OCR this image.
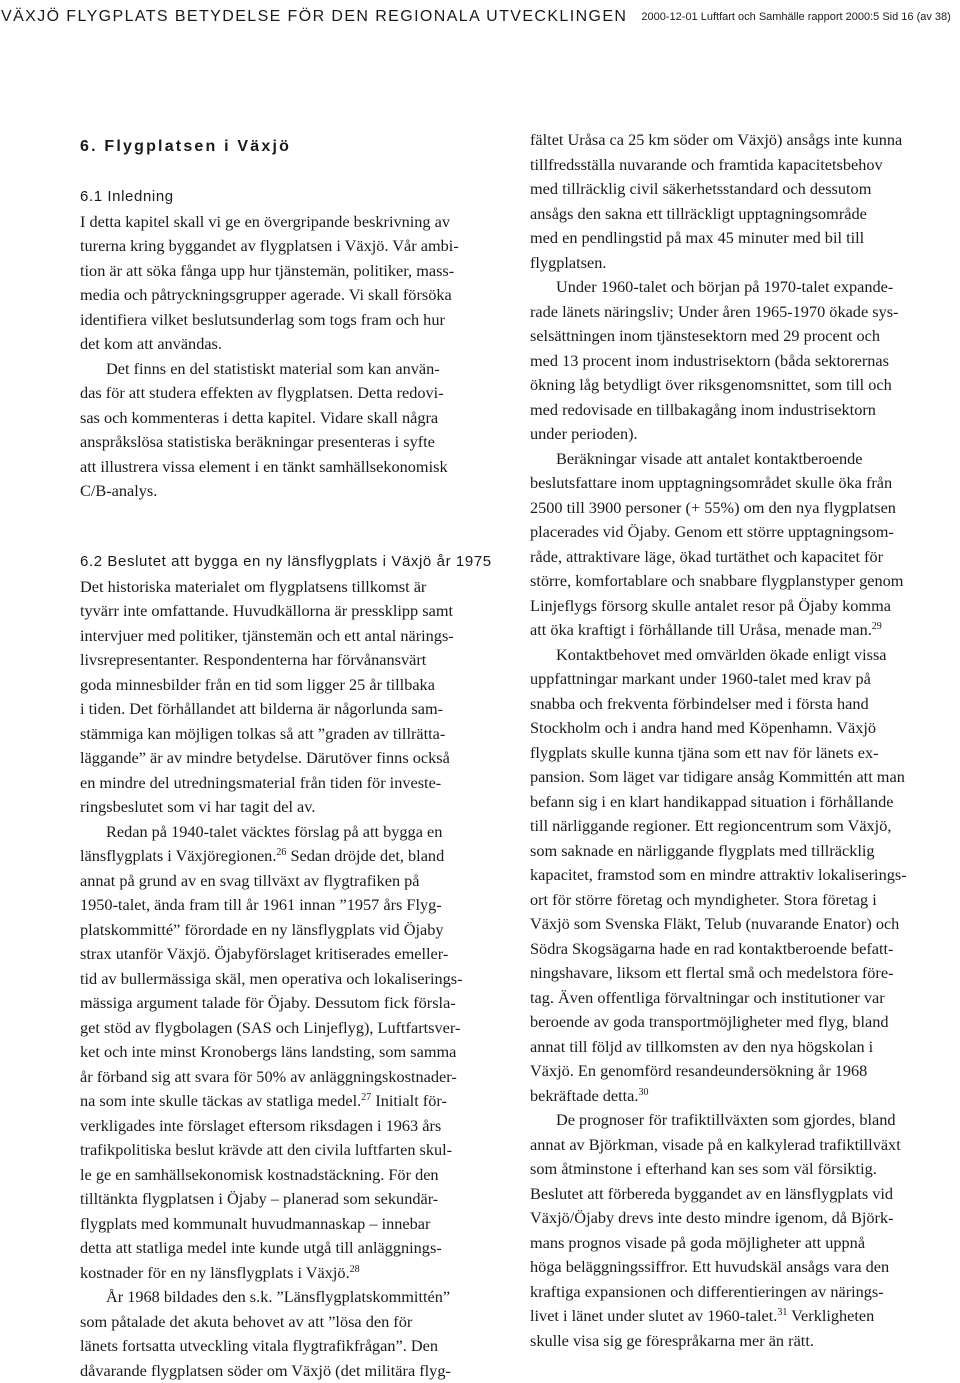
VÄXJÖ FLYGPLATS BETYDELSE FÖR DEN REGIONALA UTVECKLINGEN 2000-12-01 Luftfart och Samhälle rapport 2000:5 Sid 16 (av 38)
6. Flygplatsen i Växjö
6.1 Inledning

I detta kapitel skall vi ge en övergripande beskrivning av

turerna kring byggandet av flygplatsen i Växjö. Vår ambi-

tion är att söka fånga upp hur tjänstemän, politiker, mass-

media och påtryckningsgrupper agerade. Vi skall försöka

identifiera vilket beslutsunderlag som togs fram och hur

det kom att användas.

Det finns en del statistiskt material som kan använ-

das för att studera effekten av flygplatsen. Detta redovi-

sas och kommenteras i detta kapitel. Vidare skall några

anspråkslösa statistiska beräkningar presenteras i syfte

att illustrera vissa element i en tänkt samhällsekonomisk

C/B-analys.

6.2 Beslutet att bygga en ny länsflygplats i Växjö år 1975

Det historiska materialet om flygplatsens tillkomst är

tyvärr inte omfattande. Huvudkällorna är pressklipp samt

intervjuer med politiker, tjänstemän och ett antal närings-

livsrepresentanter. Respondenterna har förvånansvärt

goda minnesbilder från en tid som ligger 25 år tillbaka

i tiden. Det förhållandet att bilderna är någorlunda sam-

stämmiga kan möjligen tolkas så att ”graden av tillrätta-

läggande” är av mindre betydelse. Därutöver finns också

en mindre del utredningsmaterial från tiden för investe-

ringsbeslutet som vi har tagit del av.

Redan på 1940-talet väcktes förslag på att bygga en

länsflygplats i Växjöregionen.$^{26}$ Sedan dröjde det, bland

annat på grund av en svag tillväxt av flygtrafiken på

1950-talet, ända fram till år 1961 innan ”1957 års Flyg-

platskommitté” förordade en ny länsflygplats vid Öjaby

strax utanför Växjö. Öjabyförslaget kritiserades emeller-

tid av bullermässiga skäl, men operativa och lokaliserings-

mässiga argument talade för Öjaby. Dessutom fick försla-

get stöd av flygbolagen (SAS och Linjeflyg), Luftfartsver-

ket och inte minst Kronobergs läns landsting, som samma

år förband sig att svara för 50% av anläggningskostnader-

na som inte skulle täckas av statliga medel.$^{27}$ Initialt för-

verkligades inte förslaget eftersom riksdagen i 1963 års

trafikpolitiska beslut krävde att den civila luftfarten skul-

le ge en samhällsekonomisk kostnadstäckning. För den

tilltänkta flygplatsen i Öjaby – planerad som sekundär-

flygplats med kommunalt huvudmannaskap – innebar

detta att statliga medel inte kunde utgå till anläggnings-

kostnader för en ny länsflygplats i Växjö.$^{28}$

År 1968 bildades den s.k. ”Länsflygplatskommittén”

som påtalade det akuta behovet av att ”lösa den för

länets fortsatta utveckling vitala flygtrafikfrågan”. Den

dåvarande flygplatsen söder om Växjö (det militära flyg-

fältet Uråsa ca 25 km söder om Växjö) ansågs inte kunna

tillfredsställa nuvarande och framtida kapacitetsbehov

med tillräcklig civil säkerhetsstandard och dessutom

ansågs den sakna ett tillräckligt upptagningsområde

med en pendlingstid på max 45 minuter med bil till

flygplatsen.

Under 1960-talet och början på 1970-talet expande-

rade länets näringsliv; Under åren 1965-1970 ökade sys-

selsättningen inom tjänstesektorn med 29 procent och

med 13 procent inom industrisektorn (båda sektorernas

ökning låg betydligt över riksgenomsnittet, som till och

med redovisade en tillbakagång inom industrisektorn

under perioden).

Beräkningar visade att antalet kontaktberoende

beslutsfattare inom upptagningsområdet skulle öka från

2500 till 3900 personer (+ 55%) om den nya flygplatsen

placerades vid Öjaby. Genom ett större upptagningsom-

råde, attraktivare läge, ökad turtäthet och kapacitet för

större, komfortablare och snabbare flygplanstyper genom

Linjeflygs försorg skulle antalet resor på Öjaby komma

att öka kraftigt i förhållande till Uråsa, menade man.$^{29}$

Kontaktbehovet med omvärlden ökade enligt vissa

uppfattningar markant under 1960-talet med krav på

snabba och frekventa förbindelser med i första hand

Stockholm och i andra hand med Köpenhamn. Växjö

flygplats skulle kunna tjäna som ett nav för länets ex-

pansion. Som läget var tidigare ansåg Kommittén att man

befann sig i en klart handikappad situation i förhållande

till närliggande regioner. Ett regioncentrum som Växjö,

som saknade en närliggande flygplats med tillräcklig

kapacitet, framstod som en mindre attraktiv lokaliserings-

ort för större företag och myndigheter. Stora företag i

Växjö som Svenska Fläkt, Telub (nuvarande Enator) och

Södra Skogsägarna hade en rad kontaktberoende befatt-

ningshavare, liksom ett flertal små och medelstora före-

tag. Även offentliga förvaltningar och institutioner var

beroende av goda transportmöjligheter med flyg, bland

annat till följd av tillkomsten av den nya högskolan i

Växjö. En genomförd resandeundersökning år 1968

bekräftade detta.$^{30}$

De prognoser för trafiktillväxten som gjordes, bland

annat av Björkman, visade på en kalkylerad trafiktillväxt

som åtminstone i efterhand kan ses som väl försiktig.

Beslutet att förbereda byggandet av en länsflygplats vid

Växjö/Öjaby drevs inte desto mindre igenom, då Björk-

mans prognos visade på goda möjligheter att uppnå

höga beläggningssiffror. Ett huvudskäl ansågs vara den

kraftiga expansionen och differentieringen av närings-

livet i länet under slutet av 1960-talet.$^{31}$ Verkligheten

skulle visa sig ge förespråkarna mer än rätt.
